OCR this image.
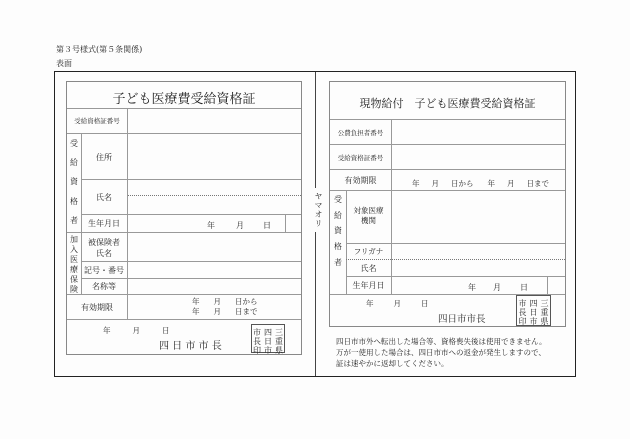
第３号様式(第５条関係)
表面
ヤマオリ
子ども医療費受給資格証
受給資格証番号
受
給
資
格
者
住所
氏名
生年月日	年	月 日
加
入
医
療
保
険
被保険者
氏名
記号・番号
名称等
有効期限
年 月 日から
年 月 日まで
年	月	日
四 日 市 市 長
市
長
印
四
日
市
三
重
県
現物給付　子ども医療費受給資格証
公費負担者番号
受給資格証番号
有効期限	年 月 日から 年 月 日まで
受
給
資
格
者
対象医療
機関
フリガナ
氏名
生年月日	年 月 日
年	月	日
四日市市長
市
長
印
四
日
市
三
重
県
四日市市外へ転出した場合等、資格喪失後は使用できません。
万が一使用した場合は、四日市市への返金が発生しますので、
証は速やかに返却してください。
